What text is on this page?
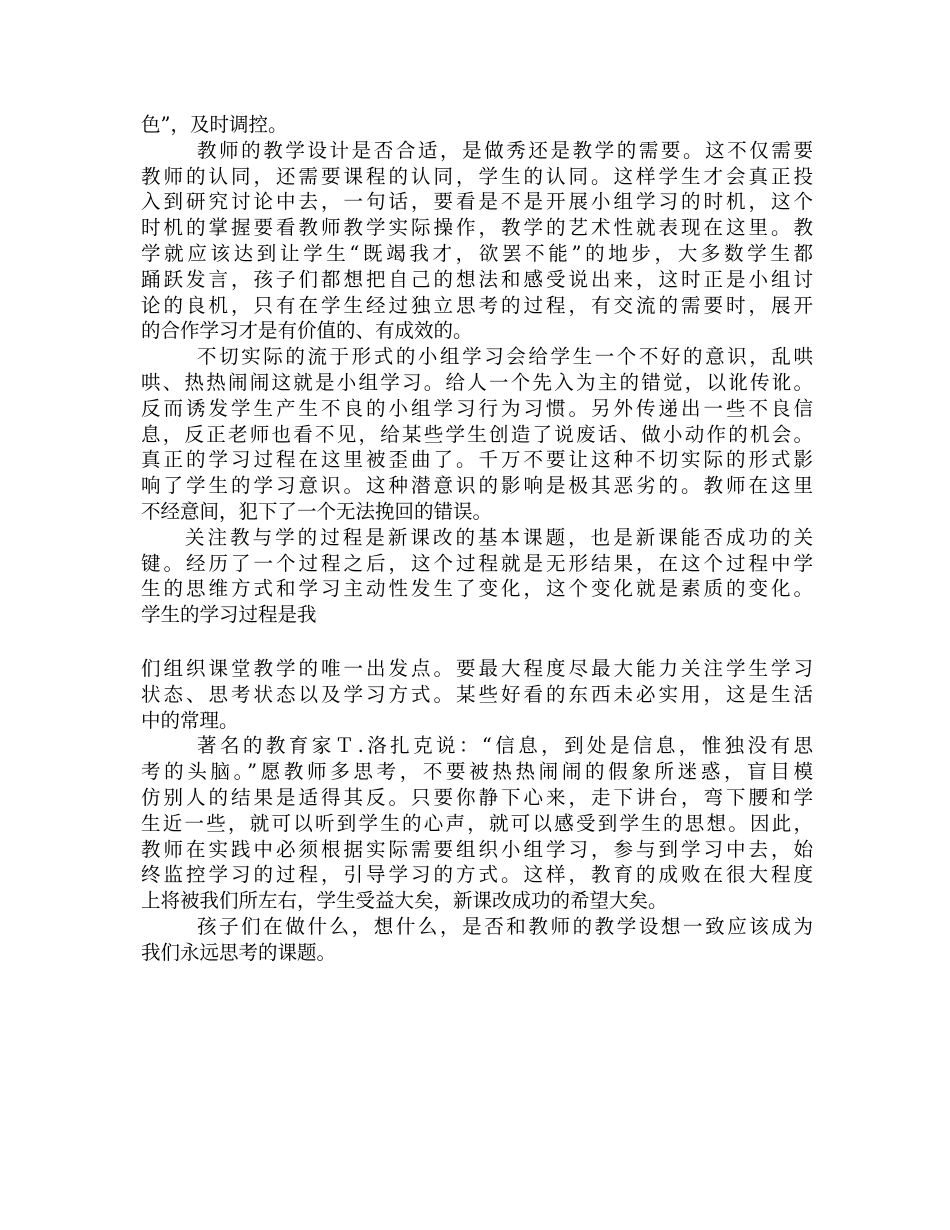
色”，及时调控。
教师的教学设计是否合适，是做秀还是教学的需要。这不仅需要
教师的认同，还需要课程的认同，学生的认同。这样学生才会真正投
入到研究讨论中去，一句话，要看是不是开展小组学习的时机，这个
时机的掌握要看教师教学实际操作，教学的艺术性就表现在这里。教
学就应该达到让学生“既竭我才，欲罢不能”的地步，大多数学生都
踊跃发言，孩子们都想把自己的想法和感受说出来，这时正是小组讨
论的良机，只有在学生经过独立思考的过程，有交流的需要时，展开
的合作学习才是有价值的、有成效的。
不切实际的流于形式的小组学习会给学生一个不好的意识，乱哄
哄、热热闹闹这就是小组学习。给人一个先入为主的错觉，以讹传讹。
反而诱发学生产生不良的小组学习行为习惯。另外传递出一些不良信
息，反正老师也看不见，给某些学生创造了说废话、做小动作的机会。
真正的学习过程在这里被歪曲了。千万不要让这种不切实际的形式影
响了学生的学习意识。这种潜意识的影响是极其恶劣的。教师在这里
不经意间，犯下了一个无法挽回的错误。
关注教与学的过程是新课改的基本课题，也是新课能否成功的关
键。经历了一个过程之后，这个过程就是无形结果，在这个过程中学
生的思维方式和学习主动性发生了变化，这个变化就是素质的变化。
学生的学习过程是我
们组织课堂教学的唯一出发点。要最大程度尽最大能力关注学生学习
状态、思考状态以及学习方式。某些好看的东西未必实用，这是生活
中的常理。
著名的教育家Ｔ.洛扎克说：“信息，到处是信息，惟独没有思
考的头脑。”愿教师多思考，不要被热热闹闹的假象所迷惑，盲目模
仿别人的结果是适得其反。只要你静下心来，走下讲台，弯下腰和学
生近一些，就可以听到学生的心声，就可以感受到学生的思想。因此，
教师在实践中必须根据实际需要组织小组学习，参与到学习中去，始
终监控学习的过程，引导学习的方式。这样，教育的成败在很大程度
上将被我们所左右，学生受益大矣，新课改成功的希望大矣。
孩子们在做什么，想什么，是否和教师的教学设想一致应该成为
我们永远思考的课题。
